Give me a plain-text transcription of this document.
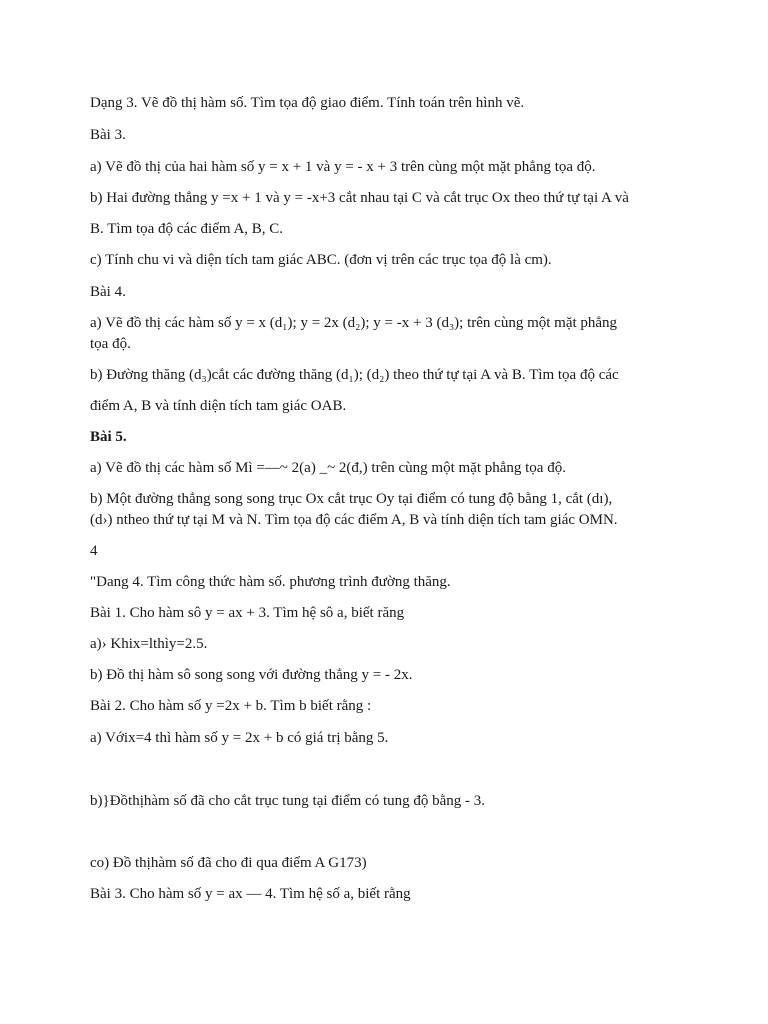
Dạng 3. Vẽ đồ thị hàm số. Tìm tọa độ giao điểm. Tính toán trên hình vẽ.
Bài 3.
a) Vẽ đồ thị của hai hàm số y = x + 1 và y = - x + 3 trên cùng một mặt phẳng tọa độ.
b) Hai đường thẳng y =x + 1 và y = -x+3 cắt nhau tại C và cắt trục Ox theo thứ tự tại A và
B. Tìm tọa độ các điểm A, B, C.
c) Tính chu vi và diện tích tam giác ABC. (đơn vị trên các trục tọa độ là cm).
Bài 4.
a) Vẽ đồ thị các hàm số y = x (d₁); y = 2x (d₂); y = -x + 3 (d₃); trên cùng một mặt phẳng
tọa độ.
b) Đường thăng (d₃)cắt các đường thăng (d₁); (d₂) theo thứ tự tại A và B. Tìm tọa độ các
điểm A, B và tính diện tích tam giác OAB.
Bài 5.
a) Vẽ đồ thị các hàm số Mì =—~ 2(a) _~ 2(đ,) trên cùng một mặt phẳng tọa độ.
b) Một đường thẳng song song trục Ox cắt trục Oy tại điểm có tung độ bằng 1, cắt (dı),
(d›) ntheo thứ tự tại M và N. Tìm tọa độ các điểm A, B và tính diện tích tam giác OMN.
4
"Dang 4. Tìm công thức hàm số. phương trình đường thăng.
Bài 1. Cho hàm sô y = ax + 3. Tìm hệ sô a, biết răng
a)› Khix=lthìy=2.5.
b) Đồ thị hàm sô song song với đường thẳng y = - 2x.
Bài 2. Cho hàm số y =2x + b. Tìm b biết rằng :
a) Vớix=4 thì hàm số y = 2x + b có giá trị bằng 5.
b)}Đồthịhàm số đã cho cắt trục tung tại điểm có tung độ bằng - 3.
co) Đồ thịhàm số đã cho đi qua điểm A G173)
Bài 3. Cho hàm số y = ax — 4. Tìm hệ số a, biết rằng
